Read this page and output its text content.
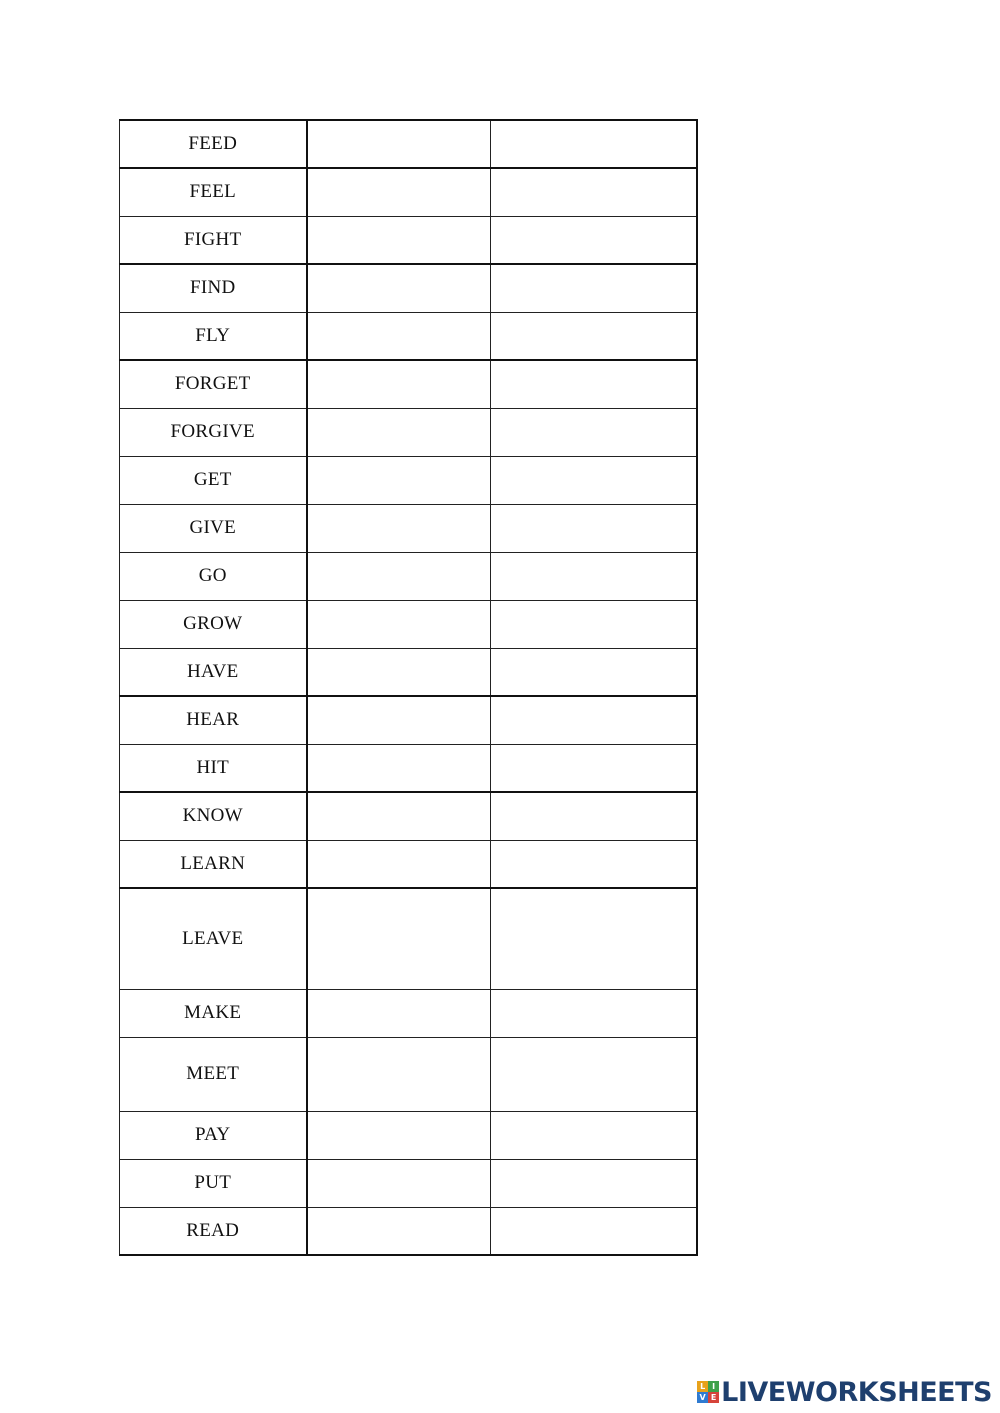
FEED		
FEEL		
FIGHT		
FIND		
FLY		
FORGET		
FORGIVE		
GET		
GIVE		
GO		
GROW		
HAVE		
HEAR		
HIT		
KNOW		
LEARN		
LEAVE		
MAKE		
MEET		
PAY		
PUT		
READ		
L I
V E LIVEWORKSHEETS
